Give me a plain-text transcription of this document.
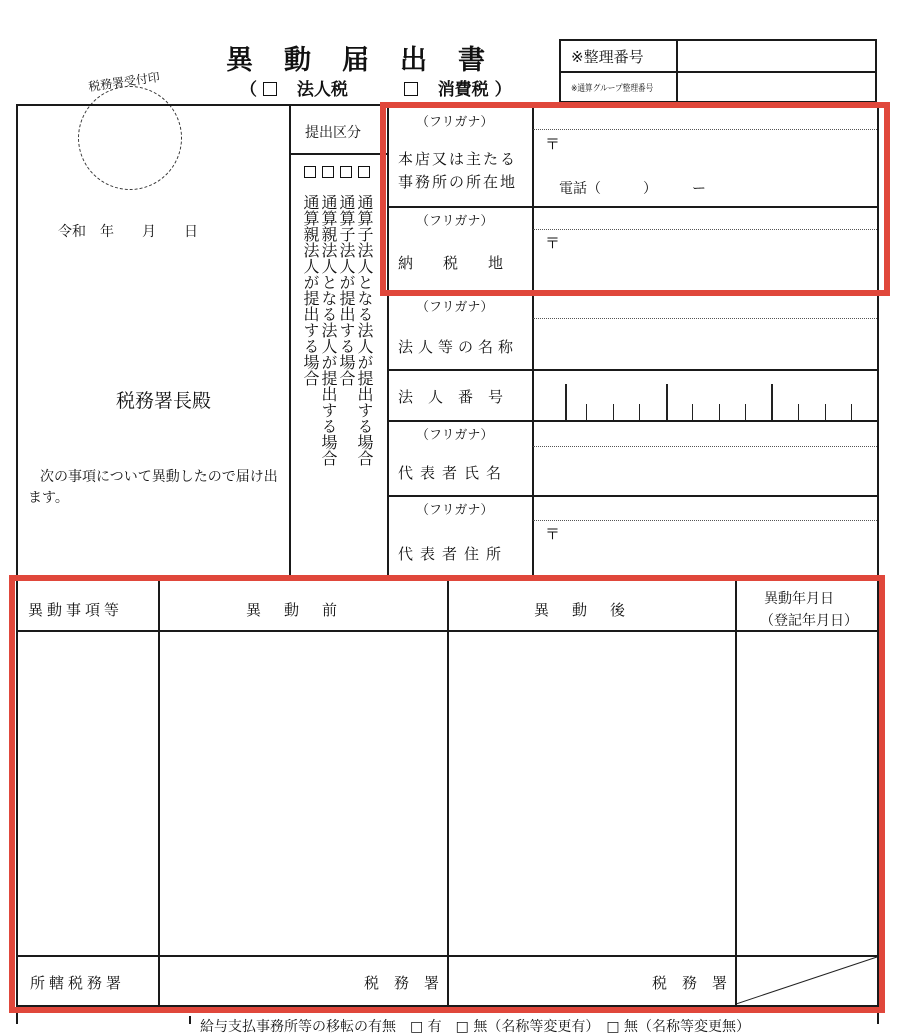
異　動　届　出　書
（ 法人税	消費税 ）
税務署受付印
※整理番号
※通算グループ整理番号
令和　年　　月　　日
税務署長殿
次の事項について異動したので届け出ます。
提出区分
通算子法人となる法人が提出する場合
通算子法人が提出する場合
通算親法人となる法人が提出する場合
通算親法人が提出する場合
（フリガナ）
本店又は主たる
事務所の所在地
〒
電話（　　　）　　　ー
（フリガナ）
納　　税　　地
〒
（フリガナ）
法人等の名称
法　人　番　号
（フリガナ）
代表者氏名
（フリガナ）
代表者住所
〒
異動事項等	異　動　前	異　動　後
異動年月日
（登記年月日）
所轄税務署	税　務　署	税　務　署
給与支払事務所等の移転の有無　□ 有　□ 無（名称等変更有）　□ 無（名称等変更無）
